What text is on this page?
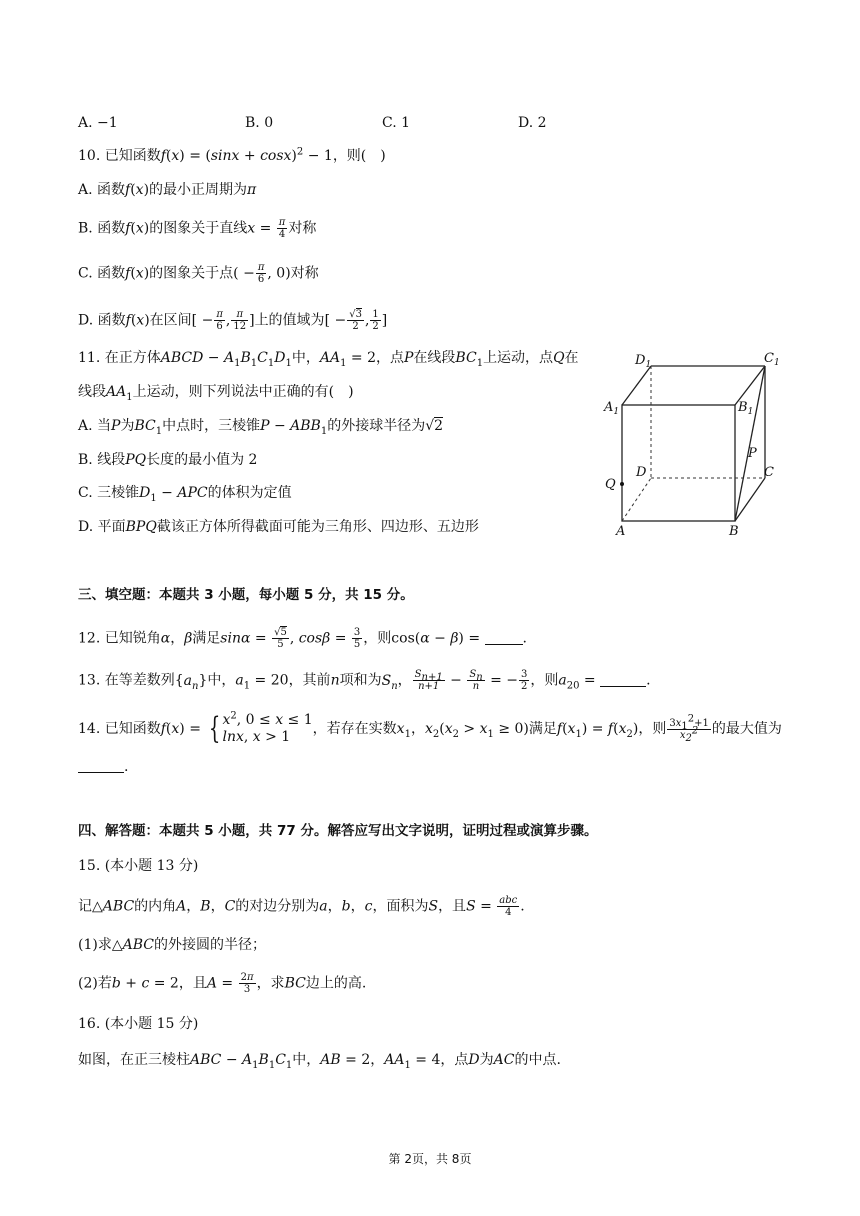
A. −1	B. 0	C. 1	D. 2
10. 已知函数$f(x) = (\sin x + \cos x)^2 - 1$，则(　)
A. 函数f(x)的最小正周期为π
B. 函数f(x)的图象关于直线$x = \frac{\pi}{4}$ 对称
C. 函数f(x)的图象关于点( − $\frac{\pi}{6}$ , 0)对称
D. 函数f(x)在区间[ − $\frac{\pi}{6}$ , $\frac{\pi}{12}$ ]上的值域为[ − $\frac{√3}{2}$ , $\frac{1}{2}$ ]
11. 在正方体ABCD − $A_1B_1C_1D_1$中，$AA_1 = 2$，点P在线段$BC_1$上运动，点Q在
线段$AA_1$上运动，则下列说法中正确的有(　)
A. 当P为$BC_1$中点时，三棱锥$P - ABB_1$的外接球半径为√2
B. 线段PQ长度的最小值为 2
C. 三棱锥$D_1$ − APC的体积为定值
D. 平面BPQ截该正方体所得截面可能为三角形、四边形、五边形
$D_1$	$C_1$
$A_1$	$B_1$
P
D	C
Q
A	B
三、填空题：本题共 3 小题，每小题 5 分，共 15 分。
12. 已知锐角α，β满足$\sin\alpha = \frac{√5}{5}$ , $\cos\beta = \frac{3}{5}$ ，则cos(α − β) =	.
13. 在等差数列$\{a_n\}$中，$a_1 = 20$，其前n项和为$S_n$， $\frac{S_{n+1}}{n+1} - \frac{S_n}{n}$ = − $\frac{3}{2}$ ，则$a_{20}$ =	.
14. 已知函数f(x) = { $x^2$, 0 ≤ x ≤ 1
lnx, x > 1	，若存在实数$x_1$，$x_2(x_2 > x_1 \ge 0)$满足$f(x_1) = f(x_2)$，则 $\frac{3x_1^2+1}{x_2^2}$ 的最大值为
.
四、解答题：本题共 5 小题，共 77 分。解答应写出文字说明，证明过程或演算步骤。
15. (本小题 13 分)
记△ABC的内角A，B，C的对边分别为a，b，c，面积为S，且$S = \frac{\text{abc}}{4}$ .
(1)求△ABC的外接圆的半径；
(2)若b + c = 2，且$A = \frac{2\pi}{3}$ ，求BC边上的高.
16. (本小题 15 分)
如图，在正三棱柱ABC − $A_1B_1C_1$中，AB = 2，$AA_1 = 4$，点D为AC的中点.
第 2页，共 8页
